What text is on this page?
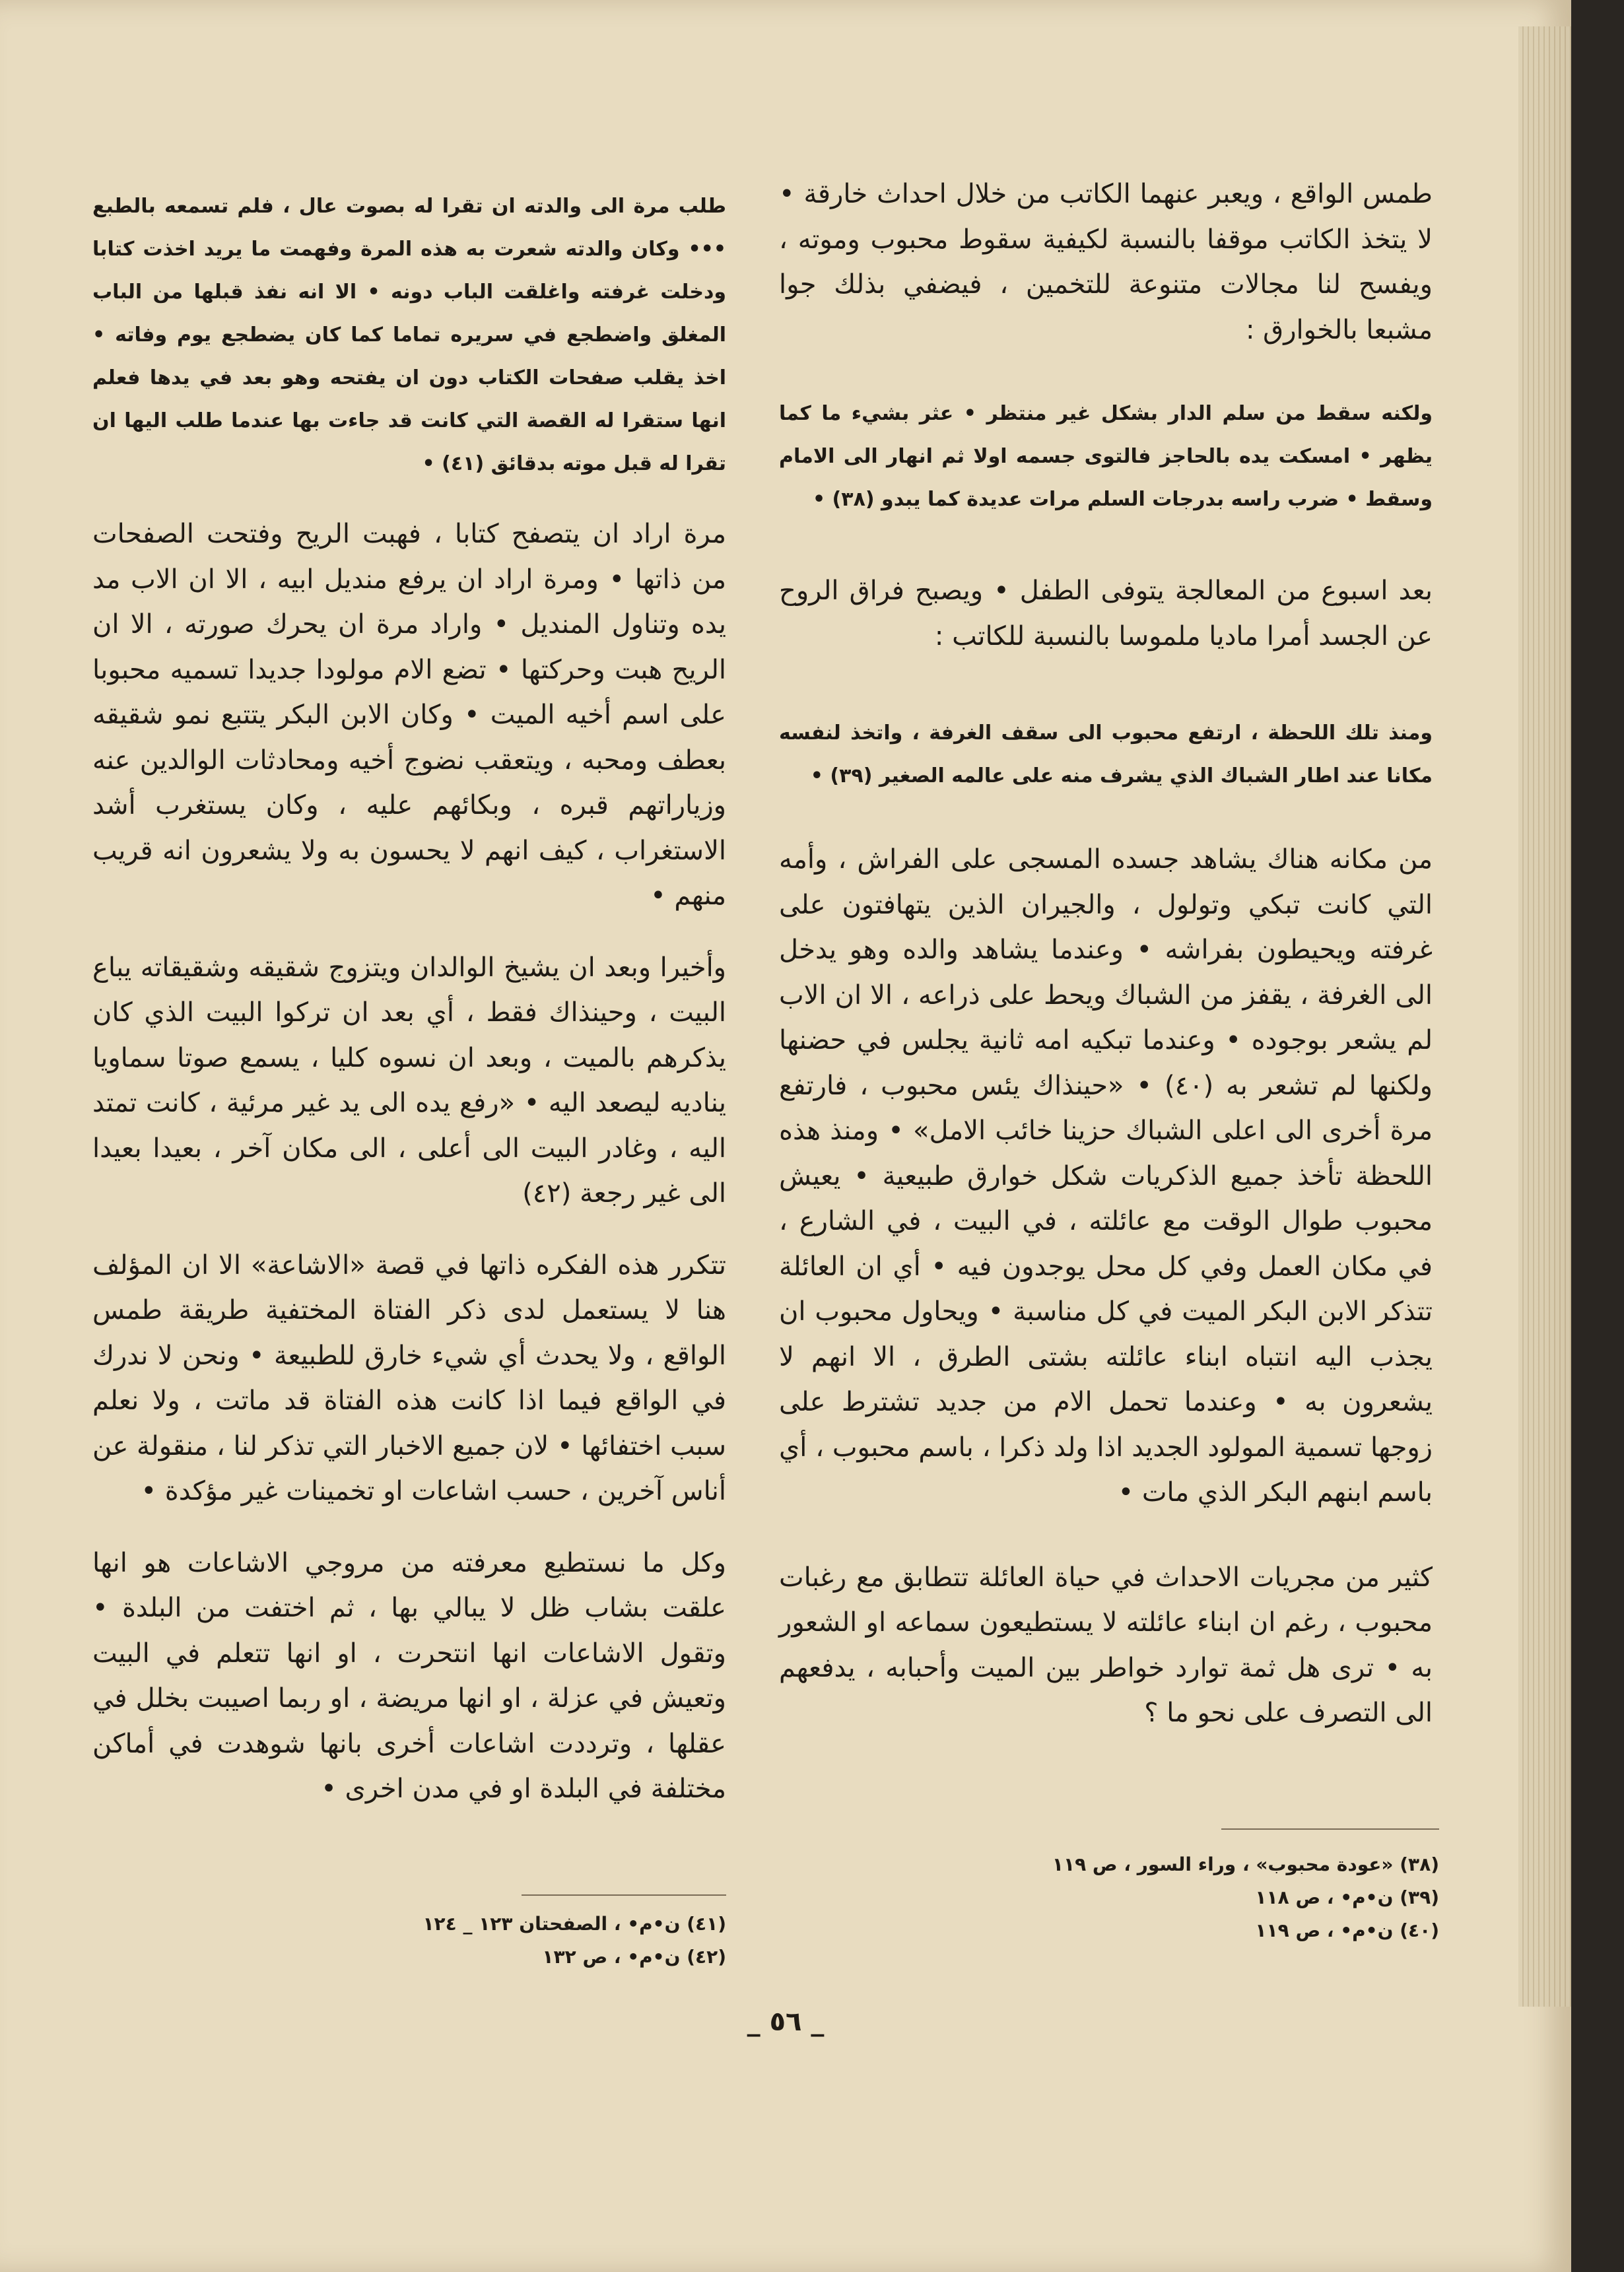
طمس الواقع ، ويعبر عنهما الكاتب من خلال احداث خارقة • لا يتخذ الكاتب موقفا بالنسبة لكيفية سقوط محبوب وموته ، ويفسح لنا مجالات متنوعة للتخمين ، فيضفي بذلك جوا مشبعا بالخوارق :

ولكنه سقط من سلم الدار بشكل غير منتظر • عثر بشيء ما كما يظهر • امسكت يده بالحاجز فالتوى جسمه اولا ثم انهار الى الامام وسقط • ضرب راسه بدرجات السلم مرات عديدة كما يبدو (٣٨) •

بعد اسبوع من المعالجة يتوفى الطفل • ويصبح فراق الروح عن الجسد أمرا ماديا ملموسا بالنسبة للكاتب :

ومنذ تلك اللحظة ، ارتفع محبوب الى سقف الغرفة ، واتخذ لنفسه مكانا عند اطار الشباك الذي يشرف منه على عالمه الصغير (٣٩) •

من مكانه هناك يشاهد جسده المسجى على الفراش ، وأمه التي كانت تبكي وتولول ، والجيران الذين يتهافتون على غرفته ويحيطون بفراشه • وعندما يشاهد والده وهو يدخل الى الغرفة ، يقفز من الشباك ويحط على ذراعه ، الا ان الاب لم يشعر بوجوده • وعندما تبكيه امه ثانية يجلس في حضنها ولكنها لم تشعر به (٤٠) • «حينذاك يئس محبوب ، فارتفع مرة أخرى الى اعلى الشباك حزينا خائب الامل» • ومنذ هذه اللحظة تأخذ جميع الذكريات شكل خوارق طبيعية • يعيش محبوب طوال الوقت مع عائلته ، في البيت ، في الشارع ، في مكان العمل وفي كل محل يوجدون فيه • أي ان العائلة تتذكر الابن البكر الميت في كل مناسبة • ويحاول محبوب ان يجذب اليه انتباه ابناء عائلته بشتى الطرق ، الا انهم لا يشعرون به • وعندما تحمل الام من جديد تشترط على زوجها تسمية المولود الجديد اذا ولد ذكرا ، باسم محبوب ، أي باسم ابنهم البكر الذي مات •

كثير من مجريات الاحداث في حياة العائلة تتطابق مع رغبات محبوب ، رغم ان ابناء عائلته لا يستطيعون سماعه او الشعور به • ترى هل ثمة توارد خواطر بين الميت وأحبابه ، يدفعهم الى التصرف على نحو ما ؟

(٣٨) «عودة محبوب» ، وراء السور ، ص ١١٩

(٣٩) ن•م• ، ص ١١٨

(٤٠) ن•م• ، ص ١١٩

طلب مرة الى والدته ان تقرا له بصوت عال ، فلم تسمعه بالطبع ••• وكان والدته شعرت به هذه المرة وفهمت ما يريد اخذت كتابا ودخلت غرفته واغلقت الباب دونه • الا انه نفذ قبلها من الباب المغلق واضطجع في سريره تماما كما كان يضطجع يوم وفاته • اخذ يقلب صفحات الكتاب دون ان يفتحه وهو بعد في يدها فعلم انها ستقرا له القصة التي كانت قد جاءت بها عندما طلب اليها ان تقرا له قبل موته بدقائق (٤١) •

مرة اراد ان يتصفح كتابا ، فهبت الريح وفتحت الصفحات من ذاتها • ومرة اراد ان يرفع منديل ابيه ، الا ان الاب مد يده وتناول المنديل • واراد مرة ان يحرك صورته ، الا ان الريح هبت وحركتها • تضع الام مولودا جديدا تسميه محبوبا على اسم أخيه الميت • وكان الابن البكر يتتبع نمو شقيقه بعطف ومحبه ، ويتعقب نضوج أخيه ومحادثات الوالدين عنه وزياراتهم قبره ، وبكائهم عليه ، وكان يستغرب أشد الاستغراب ، كيف انهم لا يحسون به ولا يشعرون انه قريب منهم •

وأخيرا وبعد ان يشيخ الوالدان ويتزوج شقيقه وشقيقاته يباع البيت ، وحينذاك فقط ، أي بعد ان تركوا البيت الذي كان يذكرهم بالميت ، وبعد ان نسوه كليا ، يسمع صوتا سماويا يناديه ليصعد اليه • «رفع يده الى يد غير مرئية ، كانت تمتد اليه ، وغادر البيت الى أعلى ، الى مكان آخر ، بعيدا بعيدا الى غير رجعة (٤٢)

تتكرر هذه الفكره ذاتها في قصة «الاشاعة» الا ان المؤلف هنا لا يستعمل لدى ذكر الفتاة المختفية طريقة طمس الواقع ، ولا يحدث أي شيء خارق للطبيعة • ونحن لا ندرك في الواقع فيما اذا كانت هذه الفتاة قد ماتت ، ولا نعلم سبب اختفائها • لان جميع الاخبار التي تذكر لنا ، منقولة عن أناس آخرين ، حسب اشاعات او تخمينات غير مؤكدة •

وكل ما نستطيع معرفته من مروجي الاشاعات هو انها علقت بشاب ظل لا يبالي بها ، ثم اختفت من البلدة • وتقول الاشاعات انها انتحرت ، او انها تتعلم في البيت وتعيش في عزلة ، او انها مريضة ، او ربما اصيبت بخلل في عقلها ، وترددت اشاعات أخرى بانها شوهدت في أماكن مختلفة في البلدة او في مدن اخرى •

(٤١) ن•م• ، الصفحتان ١٢٣ _ ١٢٤

(٤٢) ن•م• ، ص ١٣٢

_ ٥٦ _
